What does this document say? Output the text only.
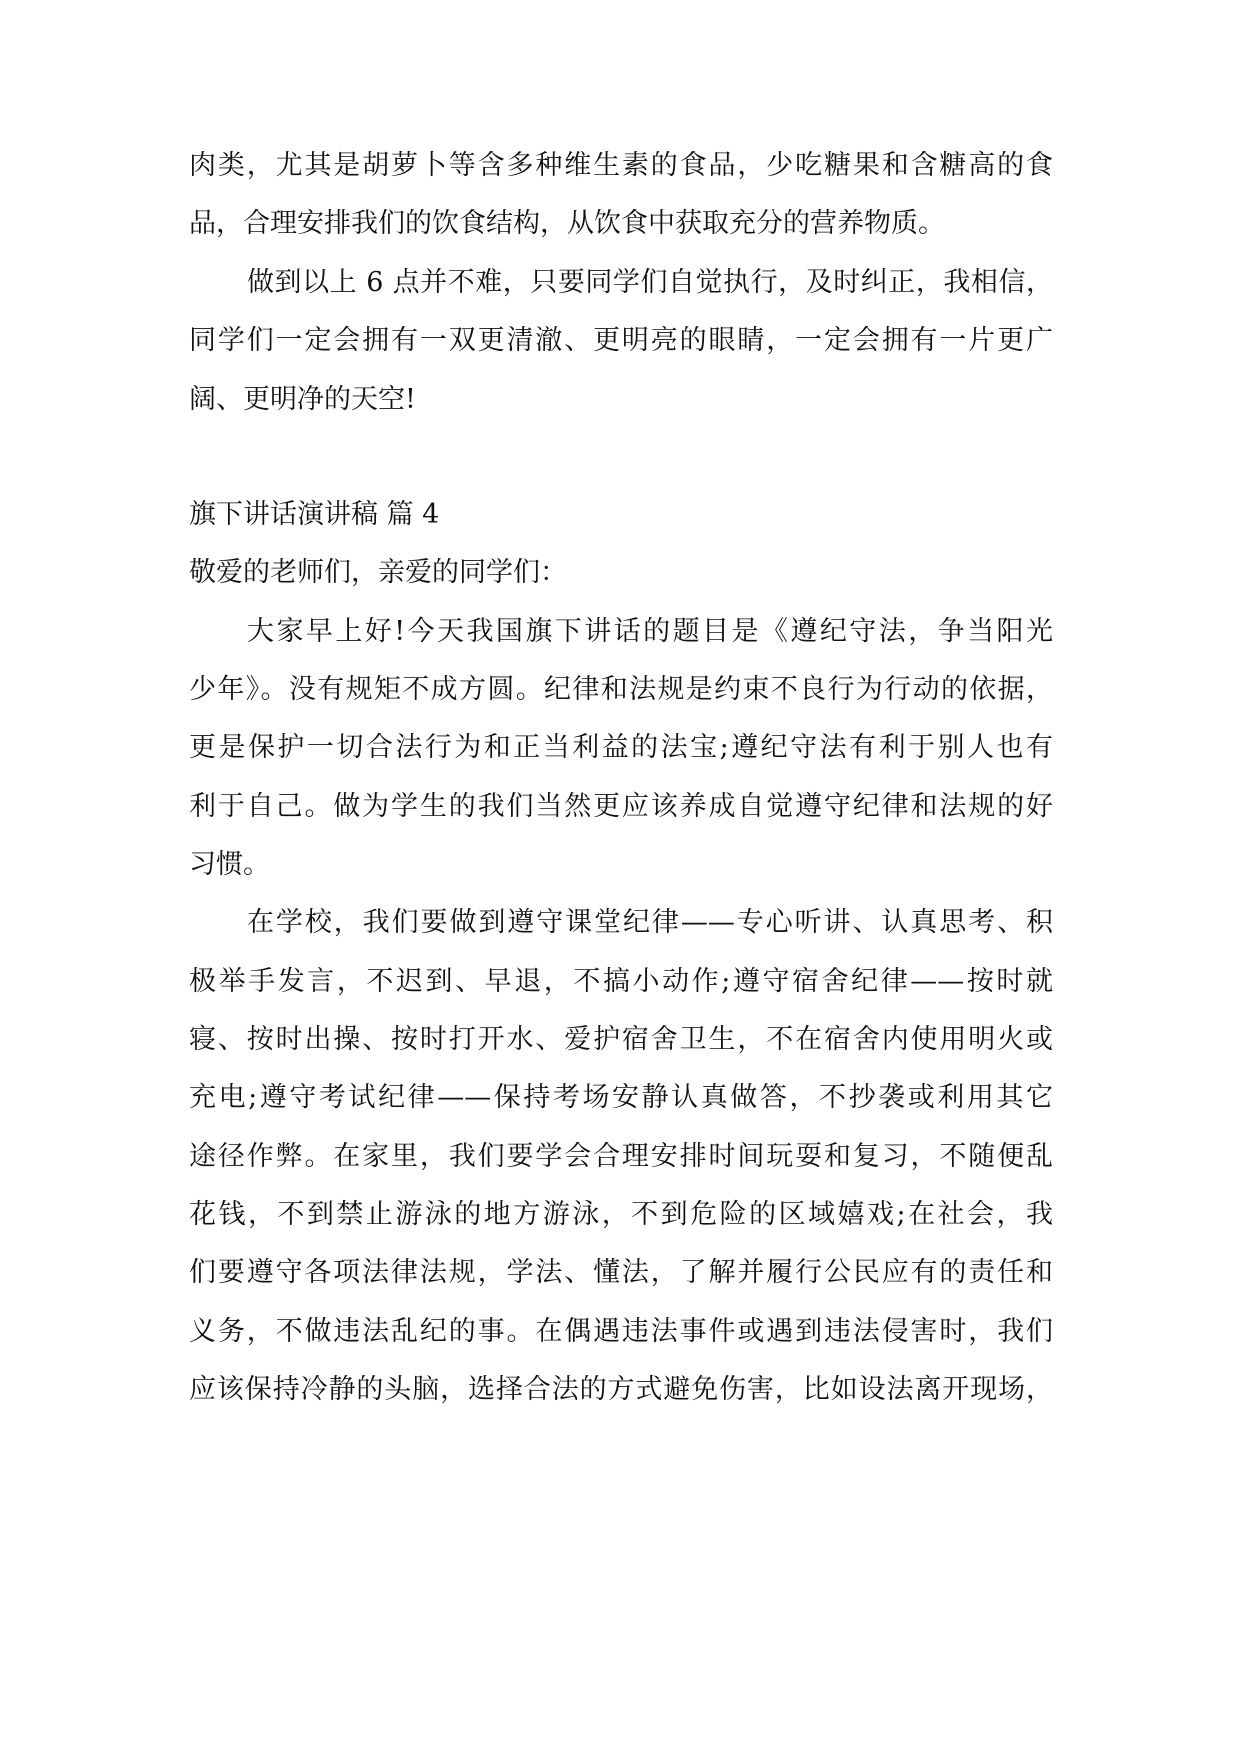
肉类，尤其是胡萝卜等含多种维生素的食品，少吃糖果和含糖高的食
品，合理安排我们的饮食结构，从饮食中获取充分的营养物质。
做到以上 6 点并不难，只要同学们自觉执行，及时纠正，我相信，
同学们一定会拥有一双更清澈、更明亮的眼睛，一定会拥有一片更广
阔、更明净的天空!
旗下讲话演讲稿 篇 4
敬爱的老师们，亲爱的同学们：
大家早上好!今天我国旗下讲话的题目是《遵纪守法，争当阳光
少年》。没有规矩不成方圆。纪律和法规是约束不良行为行动的依据，
更是保护一切合法行为和正当利益的法宝;遵纪守法有利于别人也有
利于自己。做为学生的我们当然更应该养成自觉遵守纪律和法规的好
习惯。
在学校，我们要做到遵守课堂纪律——专心听讲、认真思考、积
极举手发言，不迟到、早退，不搞小动作;遵守宿舍纪律——按时就
寝、按时出操、按时打开水、爱护宿舍卫生，不在宿舍内使用明火或
充电;遵守考试纪律——保持考场安静认真做答，不抄袭或利用其它
途径作弊。在家里，我们要学会合理安排时间玩耍和复习，不随便乱
花钱，不到禁止游泳的地方游泳，不到危险的区域嬉戏;在社会，我
们要遵守各项法律法规，学法、懂法，了解并履行公民应有的责任和
义务，不做违法乱纪的事。在偶遇违法事件或遇到违法侵害时，我们
应该保持冷静的头脑，选择合法的方式避免伤害，比如设法离开现场，
